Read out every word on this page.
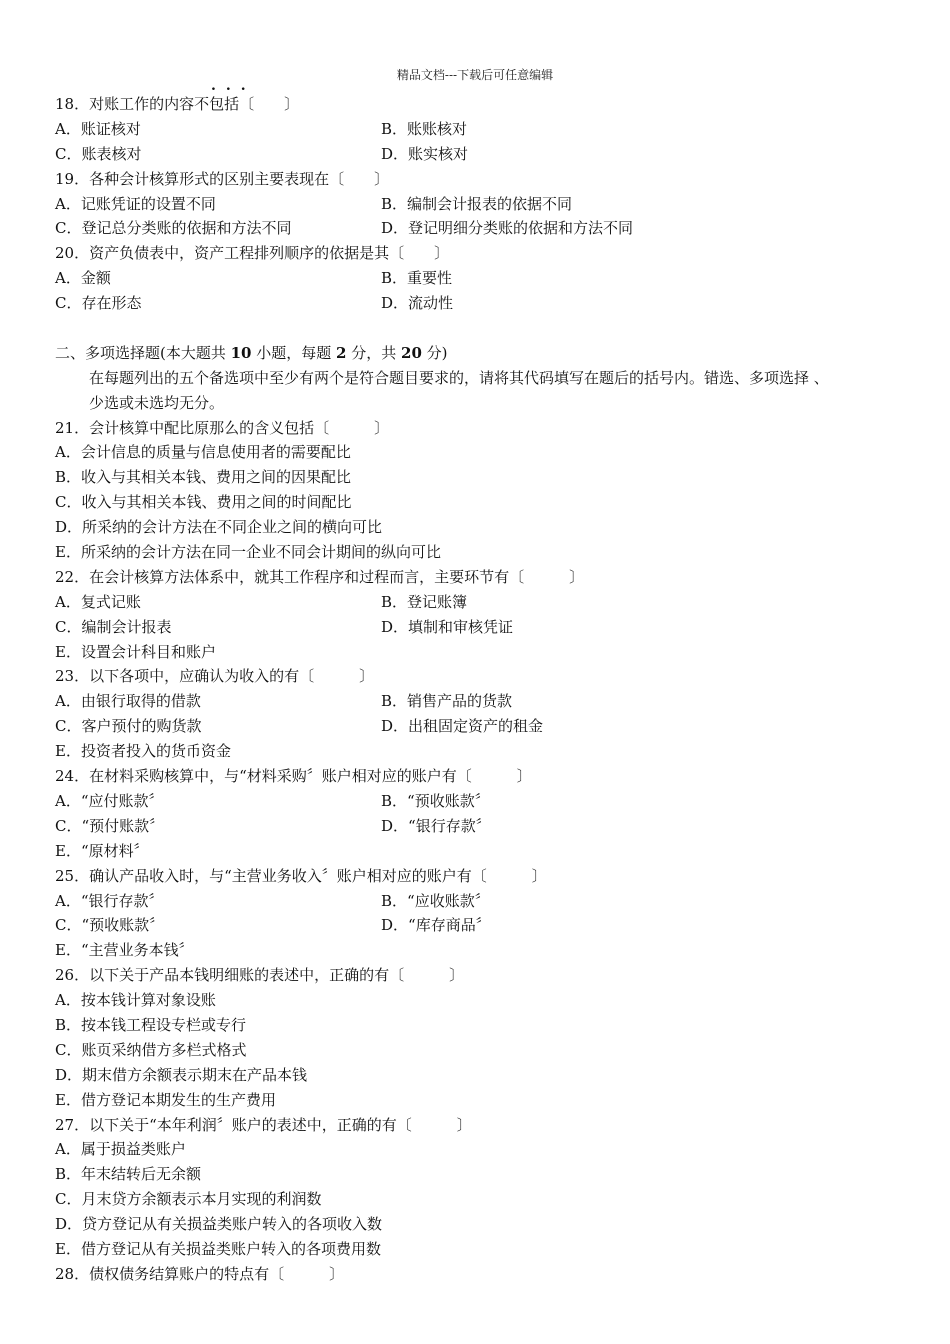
精品文档---下载后可任意编辑
...
18．对账工作的内容不包括〔　　〕
A．账证核对	B．账账核对
C．账表核对	D．账实核对
19．各种会计核算形式的区别主要表现在〔　　〕
A．记账凭证的设置不同	B．编制会计报表的依据不同
C．登记总分类账的依据和方法不同	D．登记明细分类账的依据和方法不同
20．资产负债表中，资产工程排列顺序的依据是其〔　　〕
A．金额	B．重要性
C．存在形态	D．流动性
二、多项选择题(本大题共 10 小题，每题 2 分，共 20 分)
在每题列出的五个备选项中至少有两个是符合题目要求的，请将其代码填写在题后的括号内。错选、多项选择 、
少选或未选均无分。
21．会计核算中配比原那么的含义包括〔　　　〕
A．会计信息的质量与信息使用者的需要配比
B．收入与其相关本钱、费用之间的因果配比
C．收入与其相关本钱、费用之间的时间配比
D．所采纳的会计方法在不同企业之间的横向可比
E．所采纳的会计方法在同一企业不同会计期间的纵向可比
22．在会计核算方法体系中，就其工作程序和过程而言，主要环节有〔　　　〕
A．复式记账	B．登记账簿
C．编制会计报表	D．填制和审核凭证
E．设置会计科目和账户
23．以下各项中，应确认为收入的有〔　　　〕
A．由银行取得的借款	B．销售产品的货款
C．客户预付的购货款	D．出租固定资产的租金
E．投资者投入的货币资金
24．在材料采购核算中，与“材料采购〞账户相对应的账户有〔　　　〕
A．“应付账款〞	B．“预收账款〞
C．“预付账款〞	D．“银行存款〞
E．“原材料〞
25．确认产品收入时，与“主营业务收入〞账户相对应的账户有〔　　　〕
A．“银行存款〞	B．“应收账款〞
C．“预收账款〞	D．“库存商品〞
E．“主营业务本钱〞
26．以下关于产品本钱明细账的表述中，正确的有〔　　　〕
A．按本钱计算对象设账
B．按本钱工程设专栏或专行
C．账页采纳借方多栏式格式
D．期末借方余额表示期末在产品本钱
E．借方登记本期发生的生产费用
27．以下关于“本年利润〞账户的表述中，正确的有〔　　　〕
A．属于损益类账户
B．年末结转后无余额
C．月末贷方余额表示本月实现的利润数
D．贷方登记从有关损益类账户转入的各项收入数
E．借方登记从有关损益类账户转入的各项费用数
28．债权债务结算账户的特点有〔　　　〕
